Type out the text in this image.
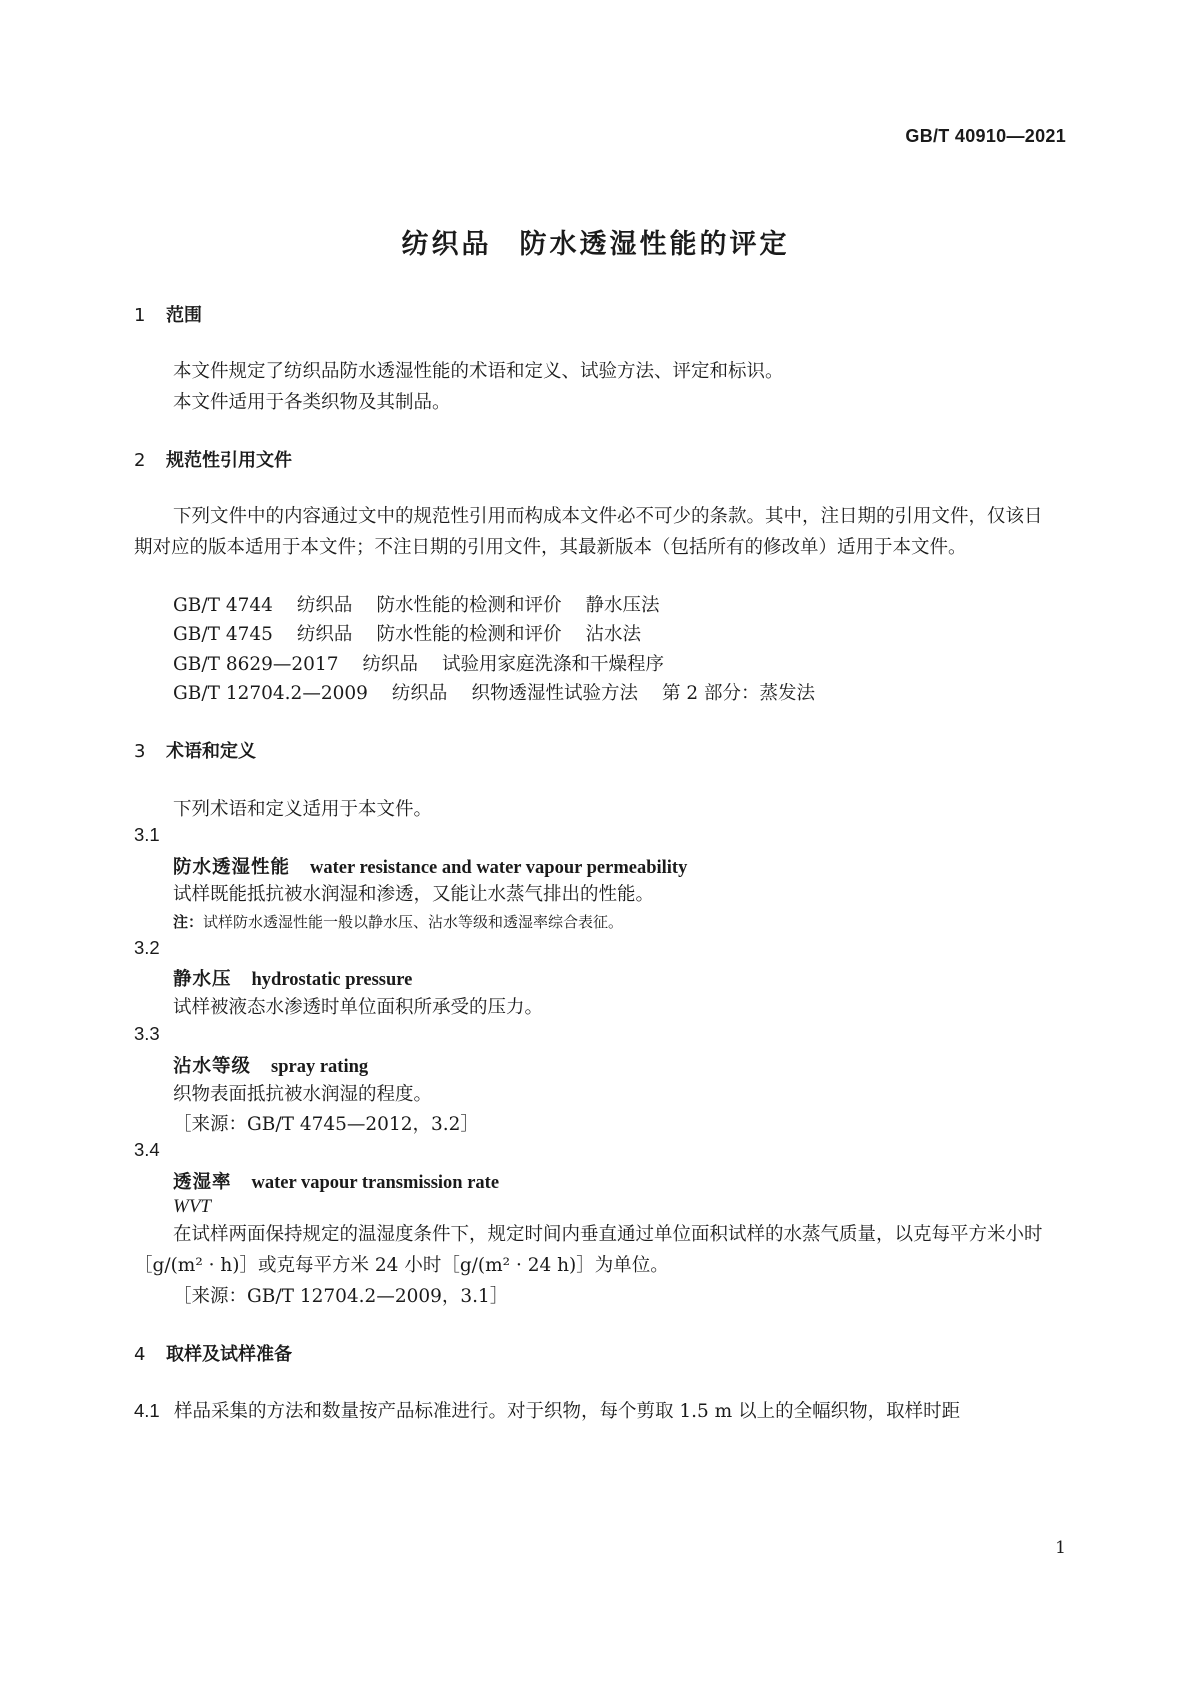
GB/T 40910—2021
纺织品 防水透湿性能的评定
1 范围
本文件规定了纺织品防水透湿性能的术语和定义、试验方法、评定和标识。
本文件适用于各类织物及其制品。
2 规范性引用文件
下列文件中的内容通过文中的规范性引用而构成本文件必不可少的条款。其中，注日期的引用文件，仅该日期对应的版本适用于本文件；不注日期的引用文件，其最新版本（包括所有的修改单）适用于本文件。
GB/T 4744 纺织品 防水性能的检测和评价 静水压法
GB/T 4745 纺织品 防水性能的检测和评价 沾水法
GB/T 8629—2017 纺织品 试验用家庭洗涤和干燥程序
GB/T 12704.2—2009 纺织品 织物透湿性试验方法 第 2 部分：蒸发法
3 术语和定义
下列术语和定义适用于本文件。
3.1
防水透湿性能 water resistance and water vapour permeability
试样既能抵抗被水润湿和渗透，又能让水蒸气排出的性能。
注：试样防水透湿性能一般以静水压、沾水等级和透湿率综合表征。
3.2
静水压 hydrostatic pressure
试样被液态水渗透时单位面积所承受的压力。
3.3
沾水等级 spray rating
织物表面抵抗被水润湿的程度。
［来源：GB/T 4745—2012，3.2］
3.4
透湿率 water vapour transmission rate
WVT
在试样两面保持规定的温湿度条件下，规定时间内垂直通过单位面积试样的水蒸气质量，以克每平方米小时［g/(m² · h)］或克每平方米 24 小时［g/(m² · 24 h)］为单位。
［来源：GB/T 12704.2—2009，3.1］
4 取样及试样准备
4.1 样品采集的方法和数量按产品标准进行。对于织物，每个剪取 1.5 m 以上的全幅织物，取样时距
1
